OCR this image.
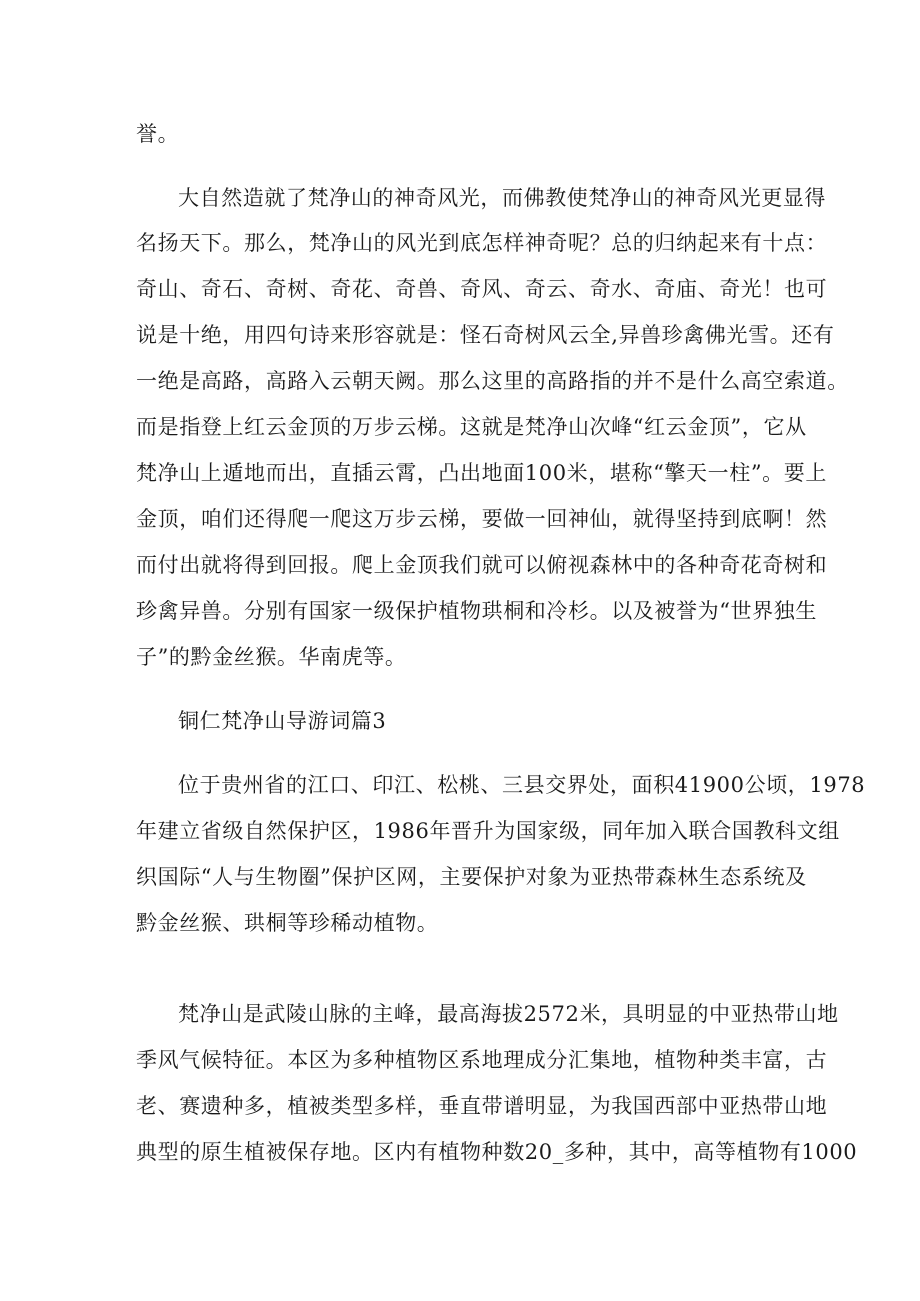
誉。
大自然造就了梵净山的神奇风光，而佛教使梵净山的神奇风光更显得
名扬天下。那么，梵净山的风光到底怎样神奇呢？总的归纳起来有十点：
奇山、奇石、奇树、奇花、奇兽、奇风、奇云、奇水、奇庙、奇光！也可
说是十绝，用四句诗来形容就是：怪石奇树风云全,异兽珍禽佛光雪。还有
一绝是高路，高路入云朝天阙。那么这里的高路指的并不是什么高空索道。
而是指登上红云金顶的万步云梯。这就是梵净山次峰“红云金顶”，它从
梵净山上遁地而出，直插云霄，凸出地面100米，堪称“擎天一柱”。要上
金顶，咱们还得爬一爬这万步云梯，要做一回神仙，就得坚持到底啊！然
而付出就将得到回报。爬上金顶我们就可以俯视森林中的各种奇花奇树和
珍禽异兽。分别有国家一级保护植物珙桐和冷杉。以及被誉为“世界独生
子”的黔金丝猴。华南虎等。
铜仁梵净山导游词篇3
位于贵州省的江口、印江、松桃、三县交界处，面积41900公顷，1978
年建立省级自然保护区，1986年晋升为国家级，同年加入联合国教科文组
织国际“人与生物圈”保护区网，主要保护对象为亚热带森林生态系统及
黔金丝猴、珙桐等珍稀动植物。
梵净山是武陵山脉的主峰，最高海拔2572米，具明显的中亚热带山地
季风气候特征。本区为多种植物区系地理成分汇集地，植物种类丰富，古
老、赛遗种多，植被类型多样，垂直带谱明显，为我国西部中亚热带山地
典型的原生植被保存地。区内有植物种数20_多种，其中，高等植物有1000
